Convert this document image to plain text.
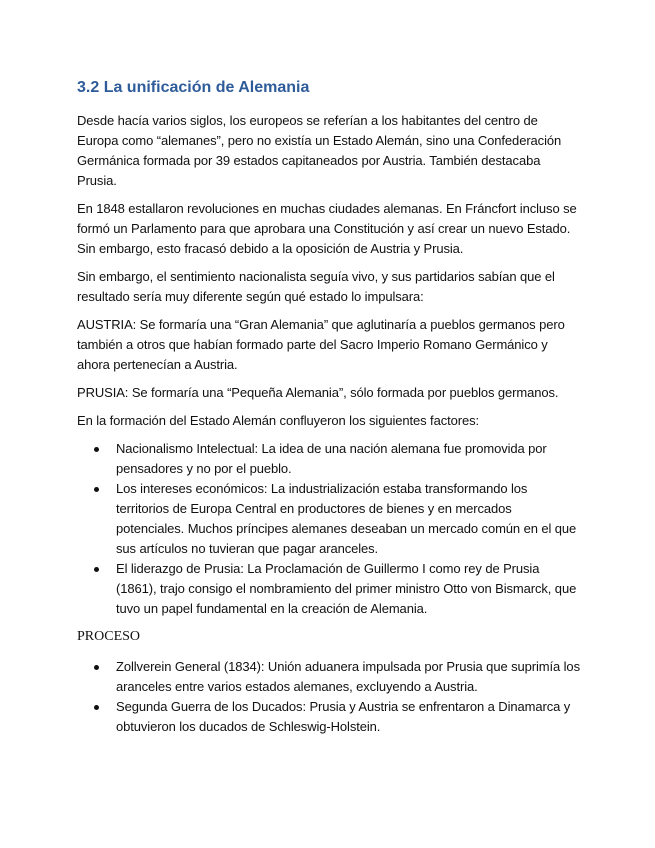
3.2 La unificación de Alemania

Desde hacía varios siglos, los europeos se referían a los habitantes del centro de Europa como “alemanes”, pero no existía un Estado Alemán, sino una Confederación Germánica formada por 39 estados capitaneados por Austria. También destacaba Prusia.

En 1848 estallaron revoluciones en muchas ciudades alemanas. En Fráncfort incluso se formó un Parlamento para que aprobara una Constitución y así crear un nuevo Estado. Sin embargo, esto fracasó debido a la oposición de Austria y Prusia.

Sin embargo, el sentimiento nacionalista seguía vivo, y sus partidarios sabían que el resultado sería muy diferente según qué estado lo impulsara:

AUSTRIA: Se formaría una “Gran Alemania” que aglutinaría a pueblos germanos pero también a otros que habían formado parte del Sacro Imperio Romano Germánico y ahora pertenecían a Austria.

PRUSIA: Se formaría una “Pequeña Alemania”, sólo formada por pueblos germanos.

En la formación del Estado Alemán confluyeron los siguientes factores:

Nacionalismo Intelectual: La idea de una nación alemana fue promovida por pensadores y no por el pueblo.
Los intereses económicos: La industrialización estaba transformando los territorios de Europa Central en productores de bienes y en mercados potenciales. Muchos príncipes alemanes deseaban un mercado común en el que sus artículos no tuvieran que pagar aranceles.
El liderazgo de Prusia: La Proclamación de Guillermo I como rey de Prusia (1861), trajo consigo el nombramiento del primer ministro Otto von Bismarck, que tuvo un papel fundamental en la creación de Alemania.
PROCESO
Zollverein General (1834): Unión aduanera impulsada por Prusia que suprimía los aranceles entre varios estados alemanes, excluyendo a Austria.
Segunda Guerra de los Ducados: Prusia y Austria se enfrentaron a Dinamarca y obtuvieron los ducados de Schleswig-Holstein.
